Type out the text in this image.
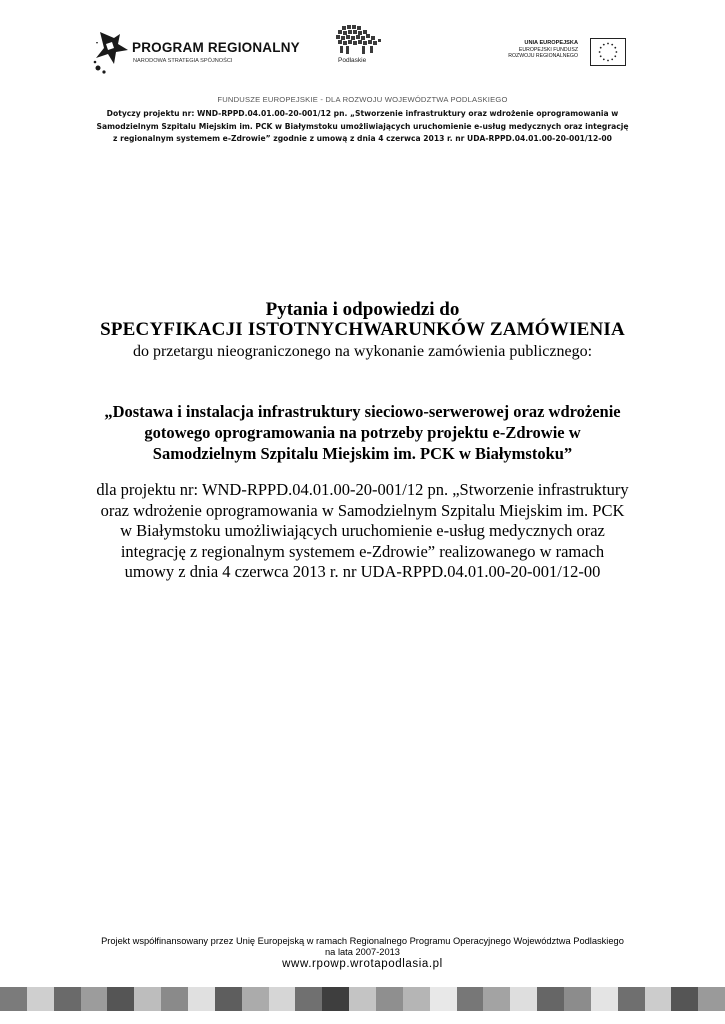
PROGRAM REGIONALNY
NARODOWA STRATEGIA SPÓJNOŚCI	Podlaskie
UNIA EUROPEJSKA
EUROPEJSKI FUNDUSZ
ROZWOJU REGIONALNEGO
FUNDUSZE EUROPEJSKIE - DLA ROZWOJU WOJEWÓDZTWA PODLASKIEGO
Dotyczy projektu nr: WND-RPPD.04.01.00-20-001/12 pn. „Stworzenie infrastruktury oraz wdrożenie oprogramowania w
Samodzielnym Szpitalu Miejskim im. PCK w Białymstoku umożliwiających uruchomienie e-usług medycznych oraz integrację
z regionalnym systemem e-Zdrowie” zgodnie z umową z dnia 4 czerwca 2013 r. nr UDA-RPPD.04.01.00-20-001/12-00
Pytania i odpowiedzi do
SPECYFIKACJI ISTOTNYCHWARUNKÓW ZAMÓWIENIA
do przetargu nieograniczonego na wykonanie zamówienia publicznego:
„Dostawa i instalacja infrastruktury sieciowo-serwerowej oraz wdrożenie
gotowego oprogramowania na potrzeby projektu e-Zdrowie w
Samodzielnym Szpitalu Miejskim im. PCK w Białymstoku”
dla projektu nr: WND-RPPD.04.01.00-20-001/12 pn. „Stworzenie infrastruktury
oraz wdrożenie oprogramowania w Samodzielnym Szpitalu Miejskim im. PCK
w Białymstoku umożliwiających uruchomienie e-usług medycznych oraz
integrację z regionalnym systemem e-Zdrowie” realizowanego w ramach
umowy z dnia 4 czerwca 2013 r. nr UDA-RPPD.04.01.00-20-001/12-00
Projekt współfinansowany przez Unię Europejską w ramach Regionalnego Programu Operacyjnego Województwa Podlaskiego
na lata 2007-2013
www.rpowp.wrotapodlasia.pl
